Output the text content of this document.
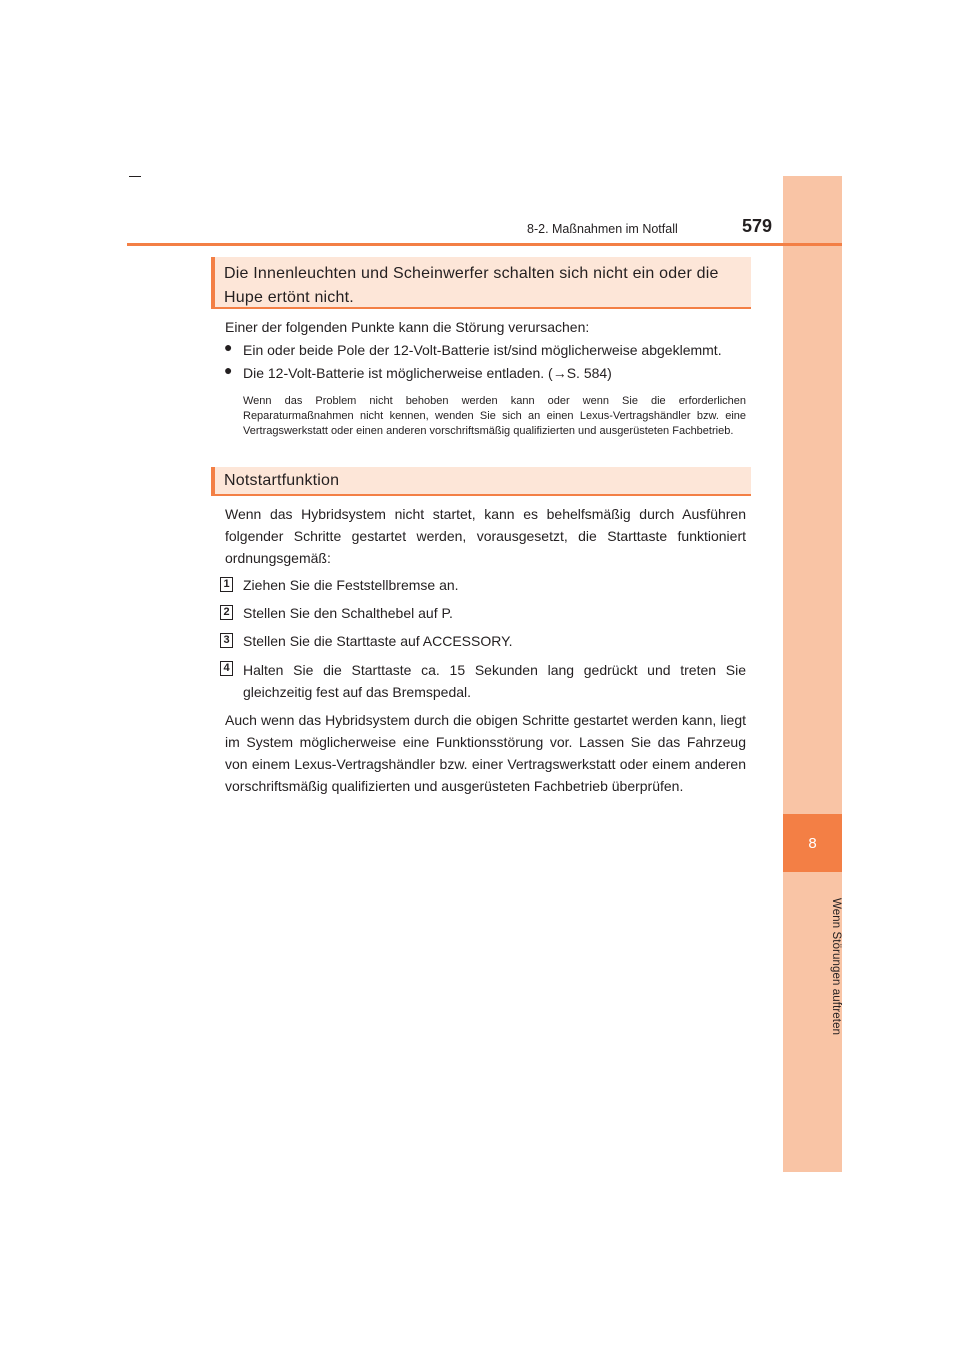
8
Wenn Störungen auftreten
8-2. Maßnahmen im Notfall	579
Die Innenleuchten und Scheinwerfer schalten sich nicht ein oder die Hupe ertönt nicht.
Einer der folgenden Punkte kann die Störung verursachen:
● Ein oder beide Pole der 12-Volt-Batterie ist/sind möglicherweise abgeklemmt.
● Die 12-Volt-Batterie ist möglicherweise entladen. (→S. 584)
Wenn das Problem nicht behoben werden kann oder wenn Sie die erforderlichen Reparaturmaßnahmen nicht kennen, wenden Sie sich an einen Lexus-Vertragshändler bzw. eine Vertragswerkstatt oder einen anderen vorschriftsmäßig qualifizierten und ausgerüsteten Fachbetrieb.
Notstartfunktion
Wenn das Hybridsystem nicht startet, kann es behelfsmäßig durch Ausführen folgender Schritte gestartet werden, vorausgesetzt, die Starttaste funktioniert ordnungsgemäß:
1 Ziehen Sie die Feststellbremse an.
2 Stellen Sie den Schalthebel auf P.
3 Stellen Sie die Starttaste auf ACCESSORY.
4 Halten Sie die Starttaste ca. 15 Sekunden lang gedrückt und treten Sie gleichzeitig fest auf das Bremspedal.
Auch wenn das Hybridsystem durch die obigen Schritte gestartet werden kann, liegt im System möglicherweise eine Funktionsstörung vor. Lassen Sie das Fahrzeug von einem Lexus-Vertragshändler bzw. einer Vertragswerkstatt oder einem anderen vorschriftsmäßig qualifizierten und ausgerüsteten Fachbetrieb überprüfen.
